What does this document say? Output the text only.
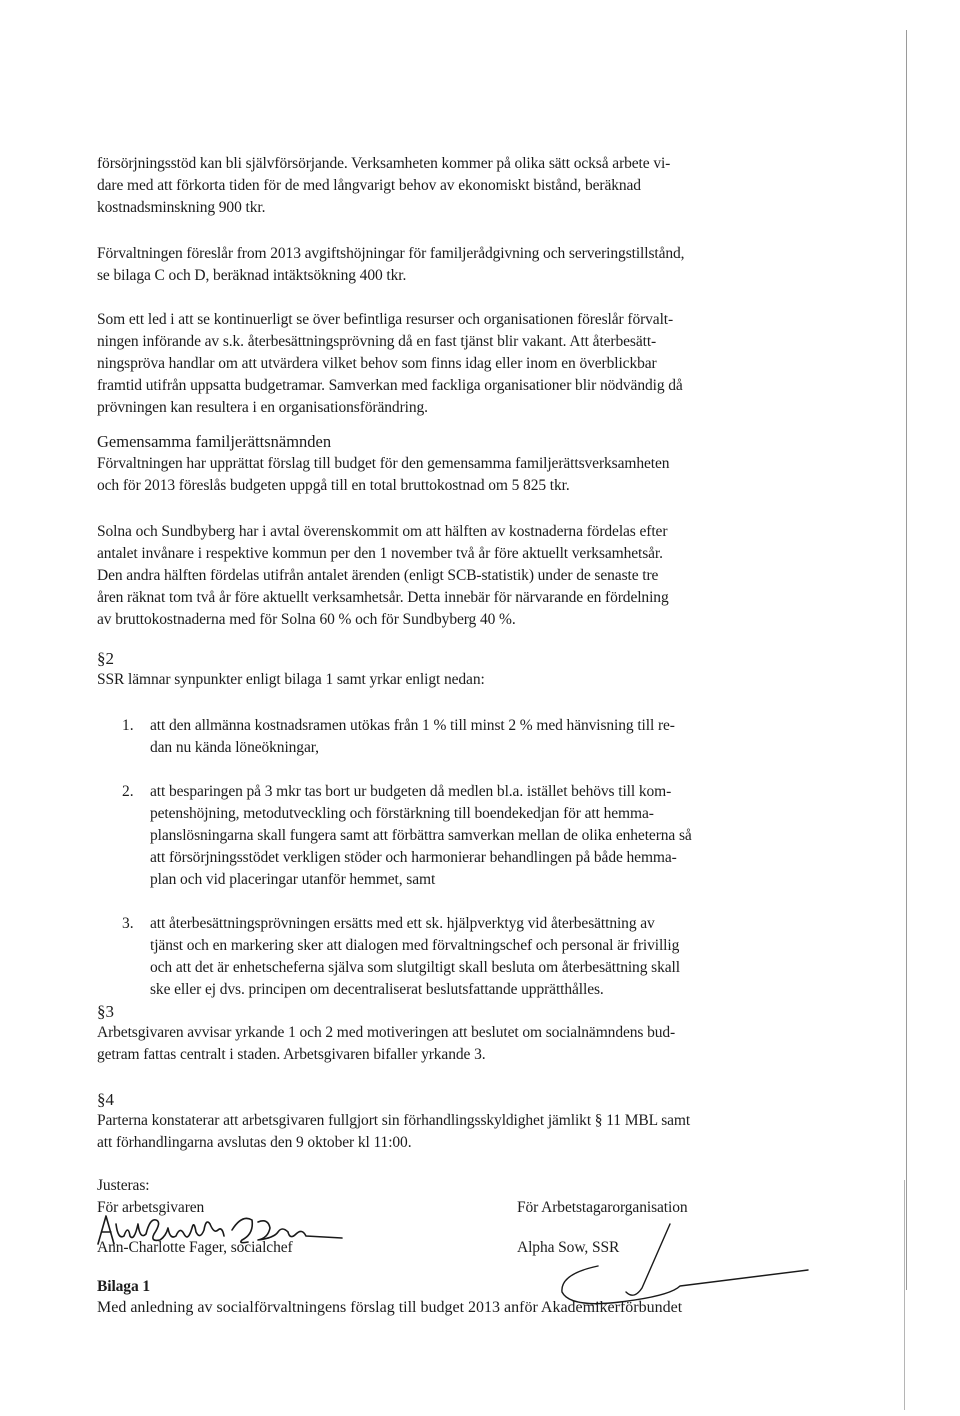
försörjningsstöd kan bli självförsörjande. Verksamheten kommer på olika sätt också arbete vi-
dare med att förkorta tiden för de med långvarigt behov av ekonomiskt bistånd, beräknad
kostnadsminskning 900 tkr.
Förvaltningen föreslår from 2013 avgiftshöjningar för familjerådgivning och serveringstillstånd,
se bilaga C och D, beräknad intäktsökning 400 tkr.
Som ett led i att se kontinuerligt se över befintliga resurser och organisationen föreslår förvalt-
ningen införande av s.k. återbesättningsprövning då en fast tjänst blir vakant. Att återbesätt-
ningspröva handlar om att utvärdera vilket behov som finns idag eller inom en överblickbar
framtid utifrån uppsatta budgetramar. Samverkan med fackliga organisationer blir nödvändig då
prövningen kan resultera i en organisationsförändring.
Gemensamma familjerättsnämnden
Förvaltningen har upprättat förslag till budget för den gemensamma familjerättsverksamheten
och för 2013 föreslås budgeten uppgå till en total bruttokostnad om 5 825 tkr.
Solna och Sundbyberg har i avtal överenskommit om att hälften av kostnaderna fördelas efter
antalet invånare i respektive kommun per den 1 november två år före aktuellt verksamhetsår.
Den andra hälften fördelas utifrån antalet ärenden (enligt SCB-statistik) under de senaste tre
åren räknat tom två år före aktuellt verksamhetsår. Detta innebär för närvarande en fördelning
av bruttokostnaderna med för Solna 60 % och för Sundbyberg 40 %.
§2
SSR lämnar synpunkter enligt bilaga 1 samt yrkar enligt nedan:
1. att den allmänna kostnadsramen utökas från 1 % till minst 2 % med hänvisning till re-
dan nu kända löneökningar,
2. att besparingen på 3 mkr tas bort ur budgeten då medlen bl.a. istället behövs till kom-
petenshöjning, metodutveckling och förstärkning till boendekedjan för att hemma-
planslösningarna skall fungera samt att förbättra samverkan mellan de olika enheterna så
att försörjningsstödet verkligen stöder och harmonierar behandlingen på både hemma-
plan och vid placeringar utanför hemmet, samt
3. att återbesättningsprövningen ersätts med ett sk. hjälpverktyg vid återbesättning av
tjänst och en markering sker att dialogen med förvaltningschef och personal är frivillig
och att det är enhetscheferna själva som slutgiltigt skall besluta om återbesättning skall
ske eller ej dvs. principen om decentraliserat beslutsfattande upprätthålles.
§3
Arbetsgivaren avvisar yrkande 1 och 2 med motiveringen att beslutet om socialnämndens bud-
getram fattas centralt i staden. Arbetsgivaren bifaller yrkande 3.
§4
Parterna konstaterar att arbetsgivaren fullgjort sin förhandlingsskyldighet jämlikt § 11 MBL samt
att förhandlingarna avslutas den 9 oktober kl 11:00.
Justeras:
För arbetsgivaren	För Arbetstagarorganisation
Ann-Charlotte Fager, socialchef	Alpha Sow, SSR
Bilaga 1
Med anledning av socialförvaltningens förslag till budget 2013 anför Akademikerförbundet
